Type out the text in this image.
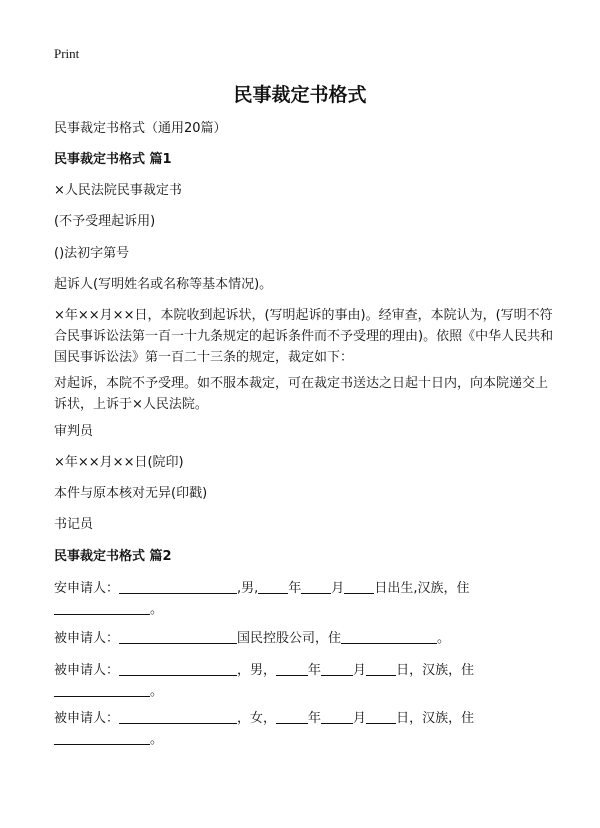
Print
民事裁定书格式
民事裁定书格式（通用20篇）
民事裁定书格式 篇1
×人民法院民事裁定书
(不予受理起诉用)
()法初字第号
起诉人(写明姓名或名称等基本情况)。
×年××月××日，本院收到起诉状，(写明起诉的事由)。经审查，本院认为，(写明不符合民事诉讼法第一百一十九条规定的起诉条件而不予受理的理由)。依照《中华人民共和国民事诉讼法》第一百二十三条的规定，裁定如下：
对起诉，本院不予受理。如不服本裁定，可在裁定书送达之日起十日内，向本院递交上诉状，上诉于×人民法院。
审判员
×年××月××日(院印)
本件与原本核对无异(印戳)
书记员
民事裁定书格式 篇2
安申请人：	,男, 年 月 日出生,汉族，住
。
被申请人：	国民控股公司，住	。
被申请人：	，男， 年 月 日，汉族，住
。
被申请人：	，女， 年 月 日，汉族，住
。
